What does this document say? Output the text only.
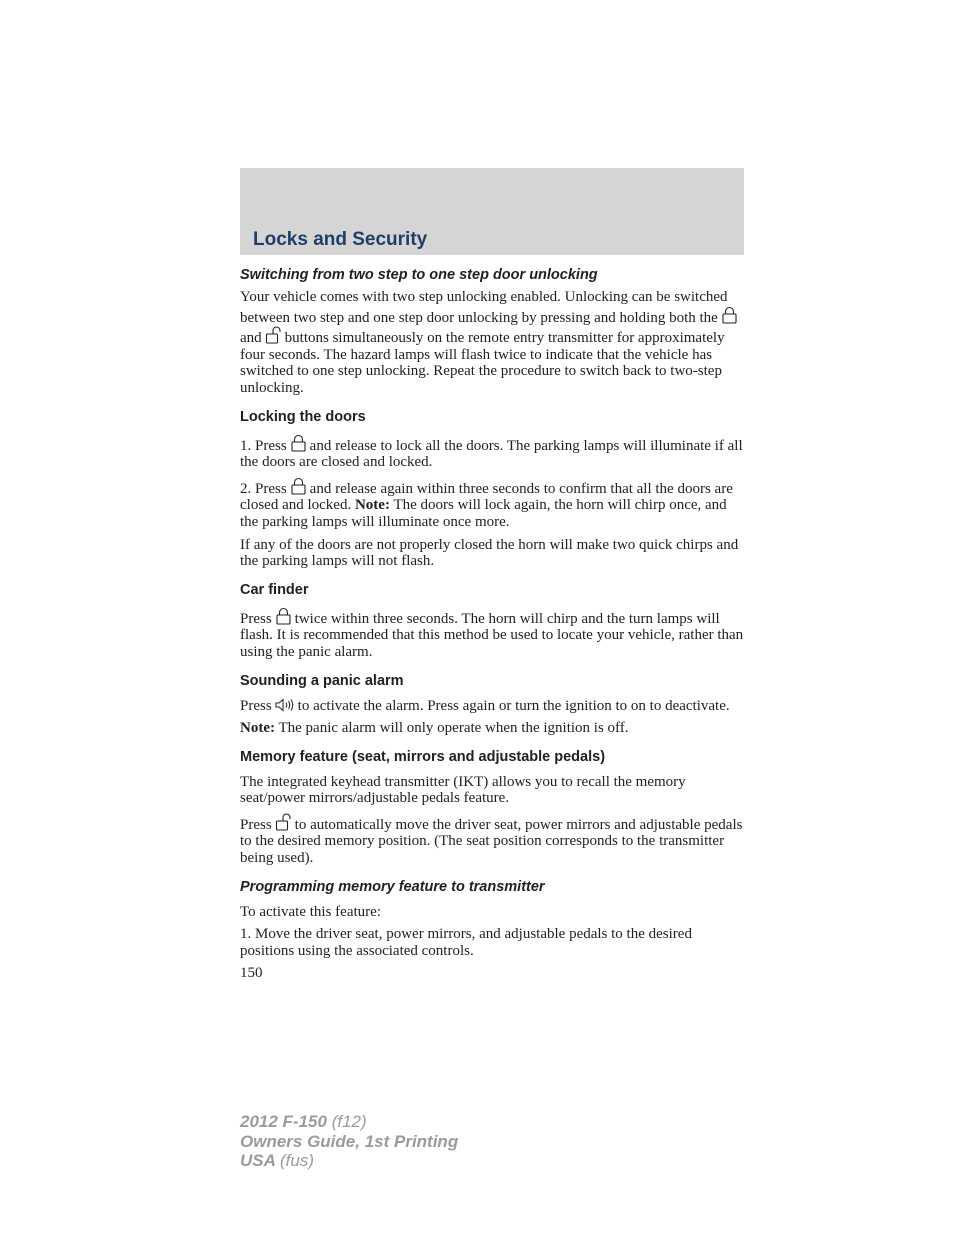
Locks and Security
Switching from two step to one step door unlocking

Your vehicle comes with two step unlocking enabled. Unlocking can be switched between two step and one step door unlocking by pressing and holding both the
and buttons simultaneously on the remote entry transmitter for approximately four seconds. The hazard lamps will flash twice to indicate that the vehicle has switched to one step unlocking. Repeat the procedure to switch back to two-step unlocking.

Locking the doors

1. Press and release to lock all the doors. The parking lamps will illuminate if all the doors are closed and locked.

2. Press and release again within three seconds to confirm that all the doors are closed and locked. Note: The doors will lock again, the horn will chirp once, and the parking lamps will illuminate once more.

If any of the doors are not properly closed the horn will make two quick chirps and the parking lamps will not flash.

Car finder

Press twice within three seconds. The horn will chirp and the turn lamps will flash. It is recommended that this method be used to locate your vehicle, rather than using the panic alarm.

Sounding a panic alarm

Press to activate the alarm. Press again or turn the ignition to on to deactivate.

Note: The panic alarm will only operate when the ignition is off.

Memory feature (seat, mirrors and adjustable pedals)

The integrated keyhead transmitter (IKT) allows you to recall the memory seat/power mirrors/adjustable pedals feature.

Press to automatically move the driver seat, power mirrors and adjustable pedals to the desired memory position. (The seat position corresponds to the transmitter being used).

Programming memory feature to transmitter

To activate this feature:

1. Move the driver seat, power mirrors, and adjustable pedals to the desired positions using the associated controls.

150
2012 F-150 (f12)
Owners Guide, 1st Printing
USA (fus)
